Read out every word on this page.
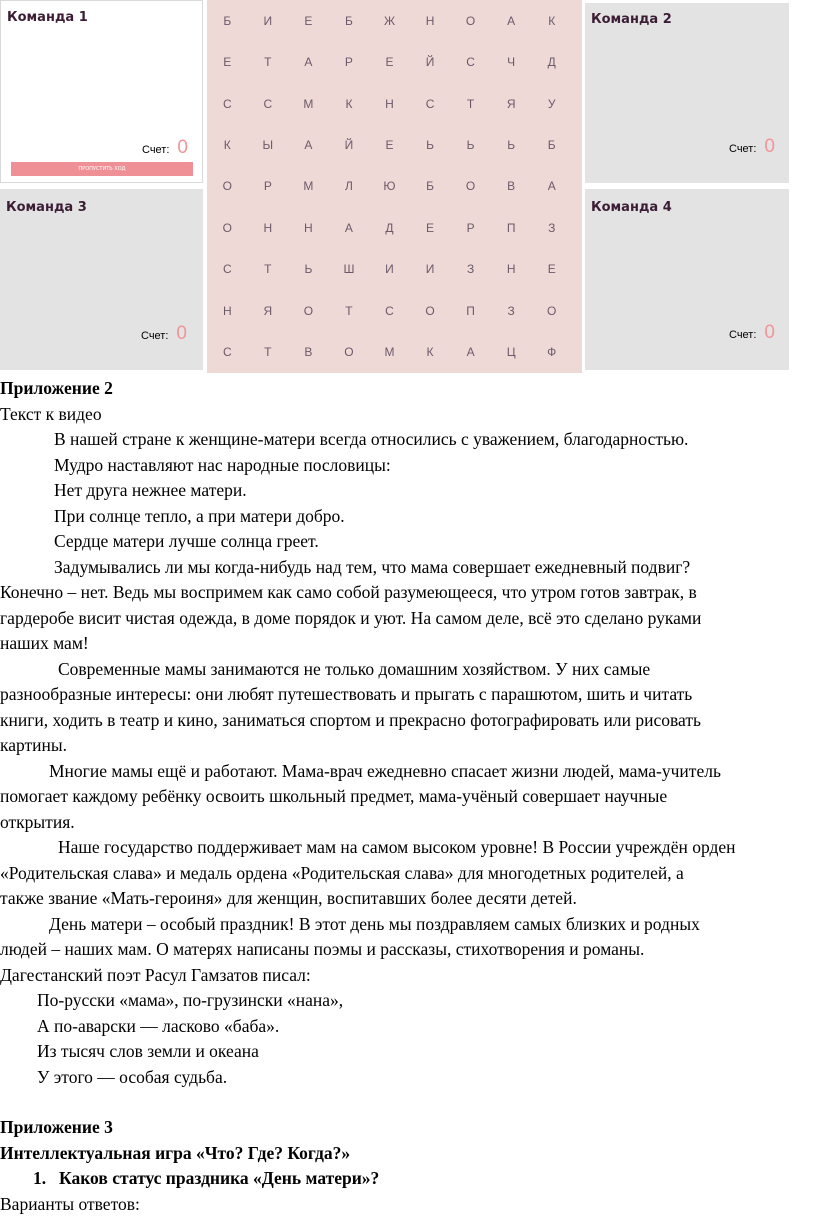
Команда 1
Счет: 0
ПРОПУСТИТЬ ХОД
Команда 3
Счет: 0
Б	И	Е	Б	Ж	Н	О	А	К
Е	Т	А	Р	Е	Й	С	Ч	Д
С	С	М	К	Н	С	Т	Я	У
К	Ы	А	Й	Е	Ь	Ь	Ь	Б
О	Р	М	Л	Ю	Б	О	В	А
О	Н	Н	А	Д	Е	Р	П	З
С	Т	Ь	Ш	И	И	З	Н	Е
Н	Я	О	Т	С	О	П	З	О
С	Т	В	О	М	К	А	Ц	Ф
Команда 2
Счет: 0
Команда 4
Счет: 0

Приложение 2

Текст к видео

В нашей стране к женщине-матери всегда относились с уважением, благодарностью.

Мудро наставляют нас народные пословицы:

Нет друга нежнее матери.

При солнце тепло, а при матери добро.

Сердце матери лучше солнца греет.

Задумывались ли мы когда-нибудь над тем, что мама совершает ежедневный подвиг?

Конечно – нет. Ведь мы воспримем как само собой разумеющееся, что утром готов завтрак, в

гардеробе висит чистая одежда, в доме порядок и уют. На самом деле, всё это сделано руками

наших мам!

Современные мамы занимаются не только домашним хозяйством. У них самые

разнообразные интересы: они любят путешествовать и прыгать с парашютом, шить и читать

книги, ходить в театр и кино, заниматься спортом и прекрасно фотографировать или рисовать

картины.

Многие мамы ещё и работают. Мама-врач ежедневно спасает жизни людей, мама-учитель

помогает каждому ребёнку освоить школьный предмет, мама-учёный совершает научные

открытия.

Наше государство поддерживает мам на самом высоком уровне! В России учреждён орден

«Родительская слава» и медаль ордена «Родительская слава» для многодетных родителей, а

также звание «Мать-героиня» для женщин, воспитавших более десяти детей.

День матери – особый праздник! В этот день мы поздравляем самых близких и родных

людей – наших мам. О матерях написаны поэмы и рассказы, стихотворения и романы.

Дагестанский поэт Расул Гамзатов писал:

По-русски «мама», по-грузински «нана»,

А по-аварски — ласково «баба».

Из тысяч слов земли и океана

У этого — особая судьба.

Приложение 3

Интеллектуальная игра «Что? Где? Когда?»

1. Каков статус праздника «День матери»?

Варианты ответов:
